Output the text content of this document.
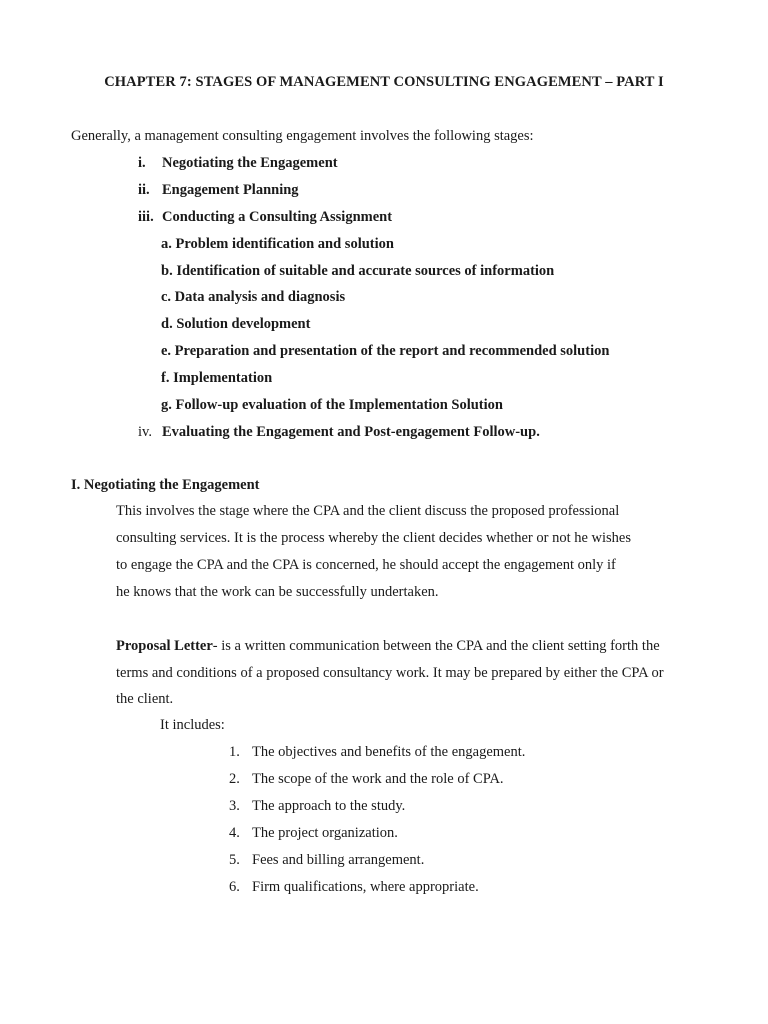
CHAPTER 7: STAGES OF MANAGEMENT CONSULTING ENGAGEMENT – PART I
Generally, a management consulting engagement involves the following stages:
i. Negotiating the Engagement
ii. Engagement Planning
iii. Conducting a Consulting Assignment
a. Problem identification and solution
b. Identification of suitable and accurate sources of information
c. Data analysis and diagnosis
d. Solution development
e. Preparation and presentation of the report and recommended solution
f. Implementation
g. Follow-up evaluation of the Implementation Solution
iv. Evaluating the Engagement and Post-engagement Follow-up.
I. Negotiating the Engagement
This involves the stage where the CPA and the client discuss the proposed professional
consulting services. It is the process whereby the client decides whether or not he wishes
to engage the CPA and the CPA is concerned, he should accept the engagement only if
he knows that the work can be successfully undertaken.
Proposal Letter- is a written communication between the CPA and the client setting forth the
terms and conditions of a proposed consultancy work. It may be prepared by either the CPA or
the client.
It includes:
1. The objectives and benefits of the engagement.
2. The scope of the work and the role of CPA.
3. The approach to the study.
4. The project organization.
5. Fees and billing arrangement.
6. Firm qualifications, where appropriate.
